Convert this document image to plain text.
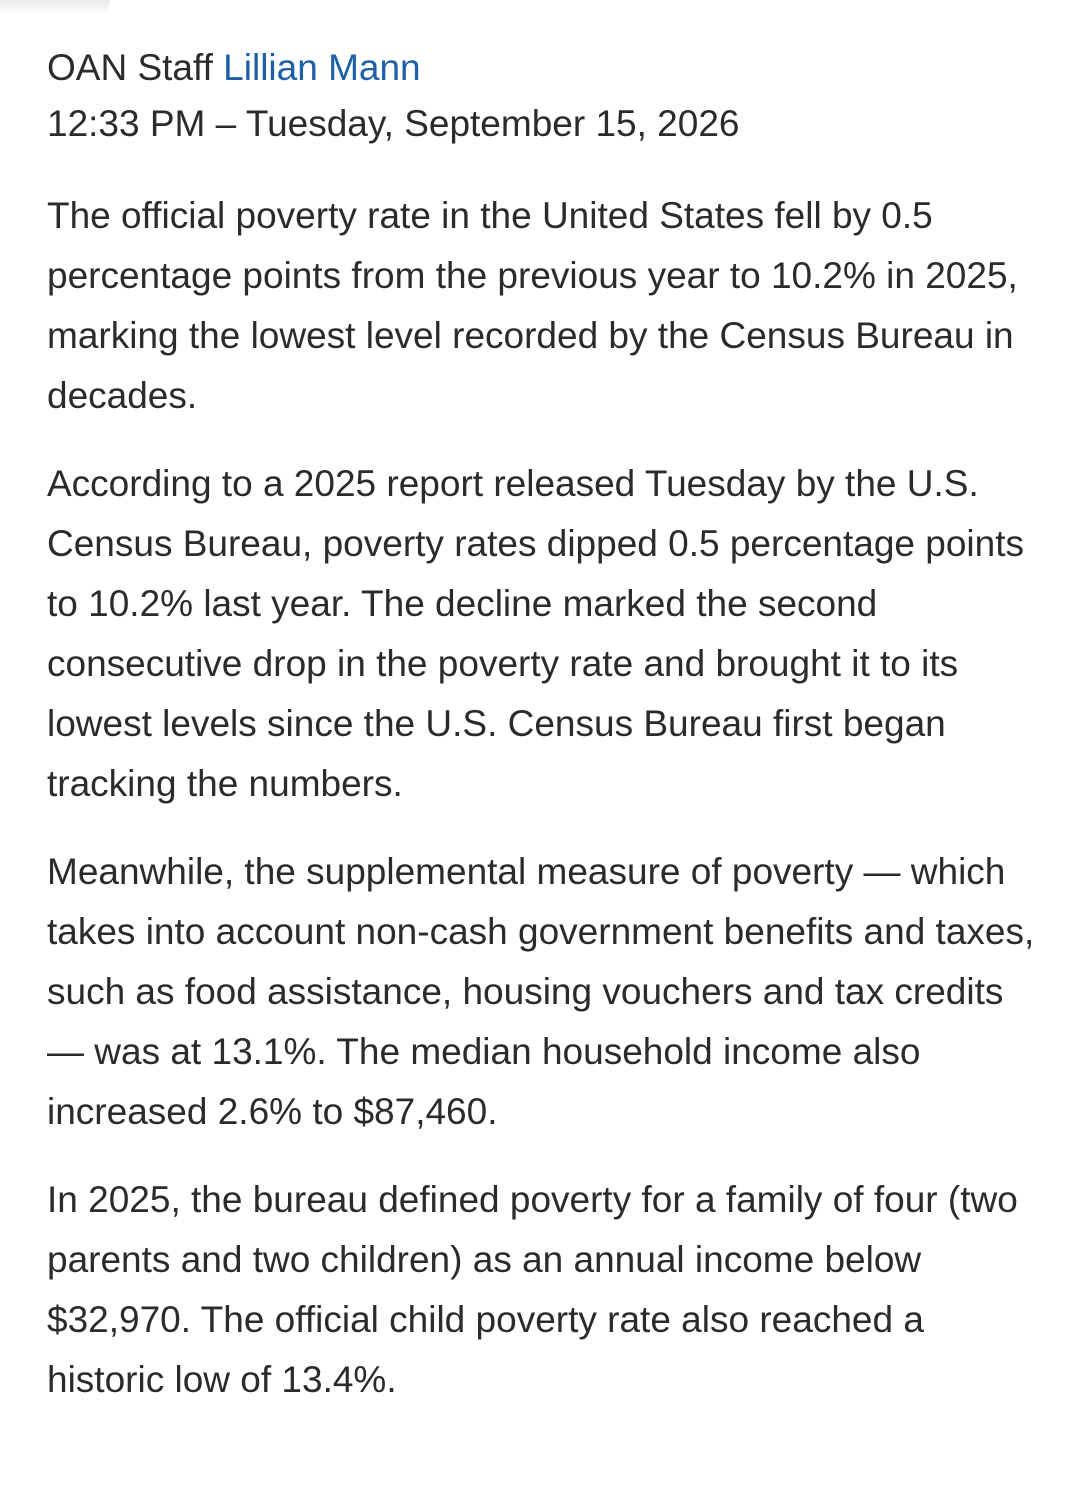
OAN Staff Lillian Mann
12:33 PM – Tuesday, September 15, 2026

The official poverty rate in the United States fell by 0.5 percentage points from the previous year to 10.2% in 2025, marking the lowest level recorded by the Census Bureau in decades.

According to a 2025 report released Tuesday by the U.S. Census Bureau, poverty rates dipped 0.5 percentage points to 10.2% last year. The decline marked the second consecutive drop in the poverty rate and brought it to its lowest levels since the U.S. Census Bureau first began tracking the numbers.

Meanwhile, the supplemental measure of poverty — which takes into account non-cash government benefits and taxes, such as food assistance, housing vouchers and tax credits — was at 13.1%. The median household income also increased 2.6% to $87,460.

In 2025, the bureau defined poverty for a family of four (two parents and two children) as an annual income below $32,970. The official child poverty rate also reached a historic low of 13.4%.
